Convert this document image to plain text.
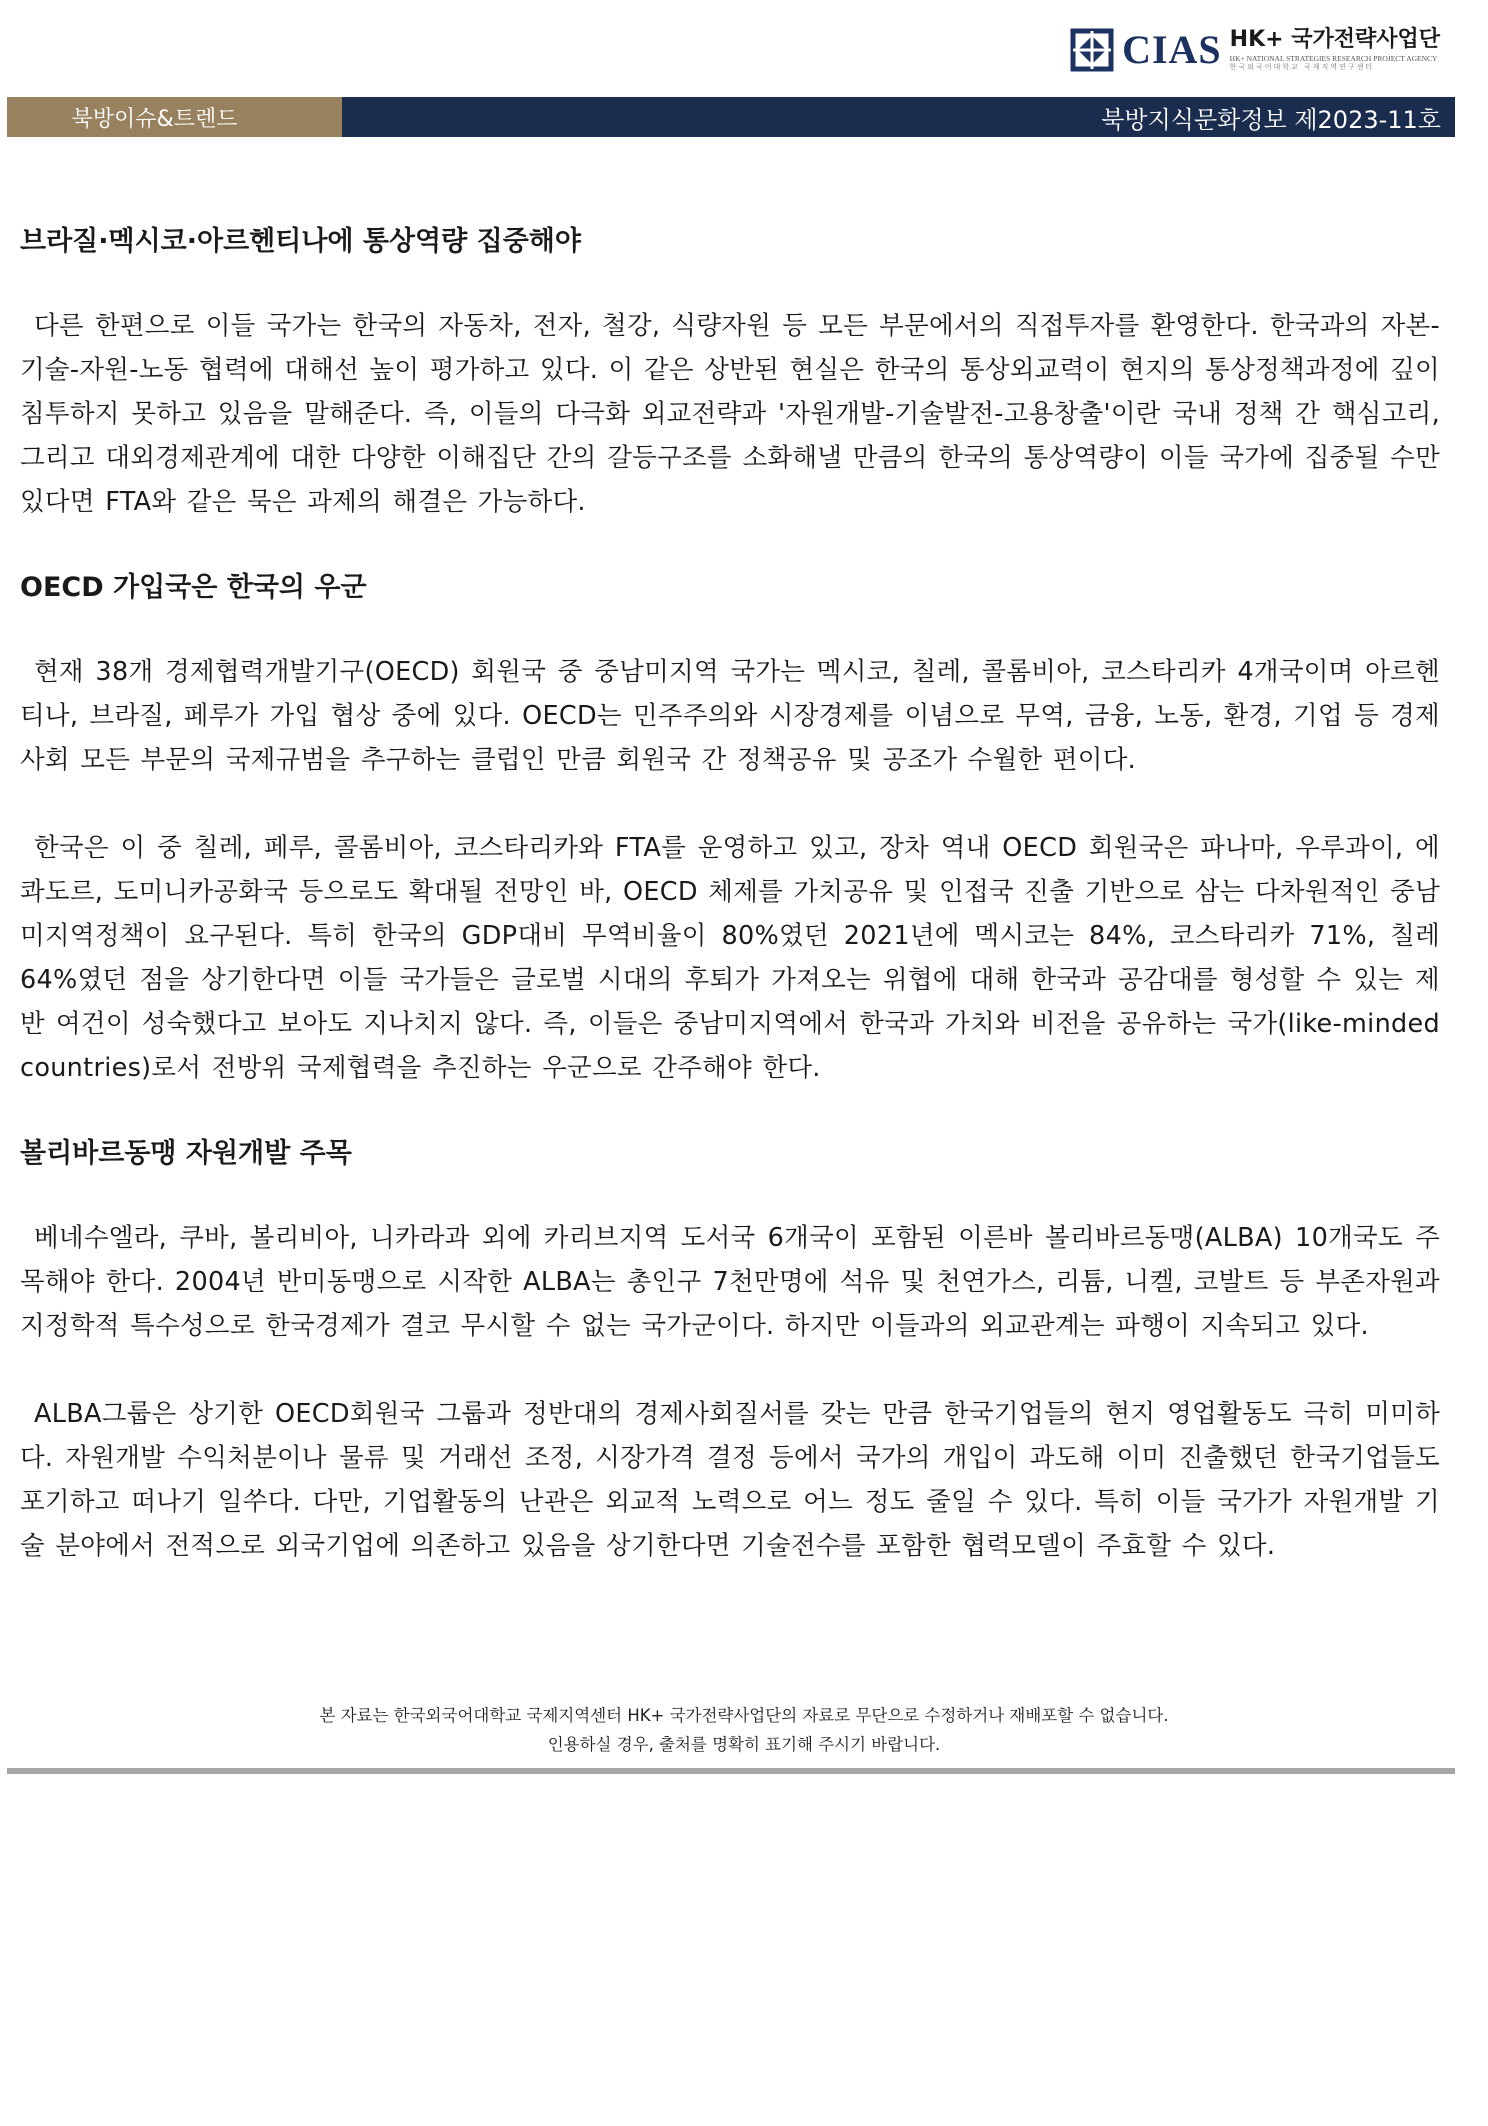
CIAS HK+ 국가전략사업단
HK+ NATIONAL STRATEGIES RESEARCH PROJECT AGENCY
한국외국어대학교 국제지역연구센터
북방이슈&트렌드	북방지식문화정보 제2023-11호
브라질·멕시코·아르헨티나에 통상역량 집중해야

다른 한편으로 이들 국가는 한국의 자동차, 전자, 철강, 식량자원 등 모든 부문에서의 직접투자를 환영한다. 한국과의 자본-기술-자원-노동 협력에 대해선 높이 평가하고 있다. 이 같은 상반된 현실은 한국의 통상외교력이 현지의 통상정책과정에 깊이 침투하지 못하고 있음을 말해준다. 즉, 이들의 다극화 외교전략과 '자원개발-기술발전-고용창출'이란 국내 정책 간 핵심고리, 그리고 대외경제관계에 대한 다양한 이해집단 간의 갈등구조를 소화해낼 만큼의 한국의 통상역량이 이들 국가에 집중될 수만 있다면 FTA와 같은 묵은 과제의 해결은 가능하다.

OECD 가입국은 한국의 우군

현재 38개 경제협력개발기구(OECD) 회원국 중 중남미지역 국가는 멕시코, 칠레, 콜롬비아, 코스타리카 4개국이며 아르헨티나, 브라질, 페루가 가입 협상 중에 있다. OECD는 민주주의와 시장경제를 이념으로 무역, 금융, 노동, 환경, 기업 등 경제사회 모든 부문의 국제규범을 추구하는 클럽인 만큼 회원국 간 정책공유 및 공조가 수월한 편이다.

한국은 이 중 칠레, 페루, 콜롬비아, 코스타리카와 FTA를 운영하고 있고, 장차 역내 OECD 회원국은 파나마, 우루과이, 에콰도르, 도미니카공화국 등으로도 확대될 전망인 바, OECD 체제를 가치공유 및 인접국 진출 기반으로 삼는 다차원적인 중남미지역정책이 요구된다. 특히 한국의 GDP대비 무역비율이 80%였던 2021년에 멕시코는 84%, 코스타리카 71%, 칠레 64%였던 점을 상기한다면 이들 국가들은 글로벌 시대의 후퇴가 가져오는 위협에 대해 한국과 공감대를 형성할 수 있는 제반 여건이 성숙했다고 보아도 지나치지 않다. 즉, 이들은 중남미지역에서 한국과 가치와 비전을 공유하는 국가(like-minded countries)로서 전방위 국제협력을 추진하는 우군으로 간주해야 한다.

볼리바르동맹 자원개발 주목

베네수엘라, 쿠바, 볼리비아, 니카라과 외에 카리브지역 도서국 6개국이 포함된 이른바 볼리바르동맹(ALBA) 10개국도 주목해야 한다. 2004년 반미동맹으로 시작한 ALBA는 총인구 7천만명에 석유 및 천연가스, 리튬, 니켈, 코발트 등 부존자원과 지정학적 특수성으로 한국경제가 결코 무시할 수 없는 국가군이다. 하지만 이들과의 외교관계는 파행이 지속되고 있다.

ALBA그룹은 상기한 OECD회원국 그룹과 정반대의 경제사회질서를 갖는 만큼 한국기업들의 현지 영업활동도 극히 미미하다. 자원개발 수익처분이나 물류 및 거래선 조정, 시장가격 결정 등에서 국가의 개입이 과도해 이미 진출했던 한국기업들도 포기하고 떠나기 일쑤다. 다만, 기업활동의 난관은 외교적 노력으로 어느 정도 줄일 수 있다. 특히 이들 국가가 자원개발 기술 분야에서 전적으로 외국기업에 의존하고 있음을 상기한다면 기술전수를 포함한 협력모델이 주효할 수 있다.

본 자료는 한국외국어대학교 국제지역센터 HK+ 국가전략사업단의 자료로 무단으로 수정하거나 재배포할 수 없습니다.
인용하실 경우, 출처를 명확히 표기해 주시기 바랍니다.
